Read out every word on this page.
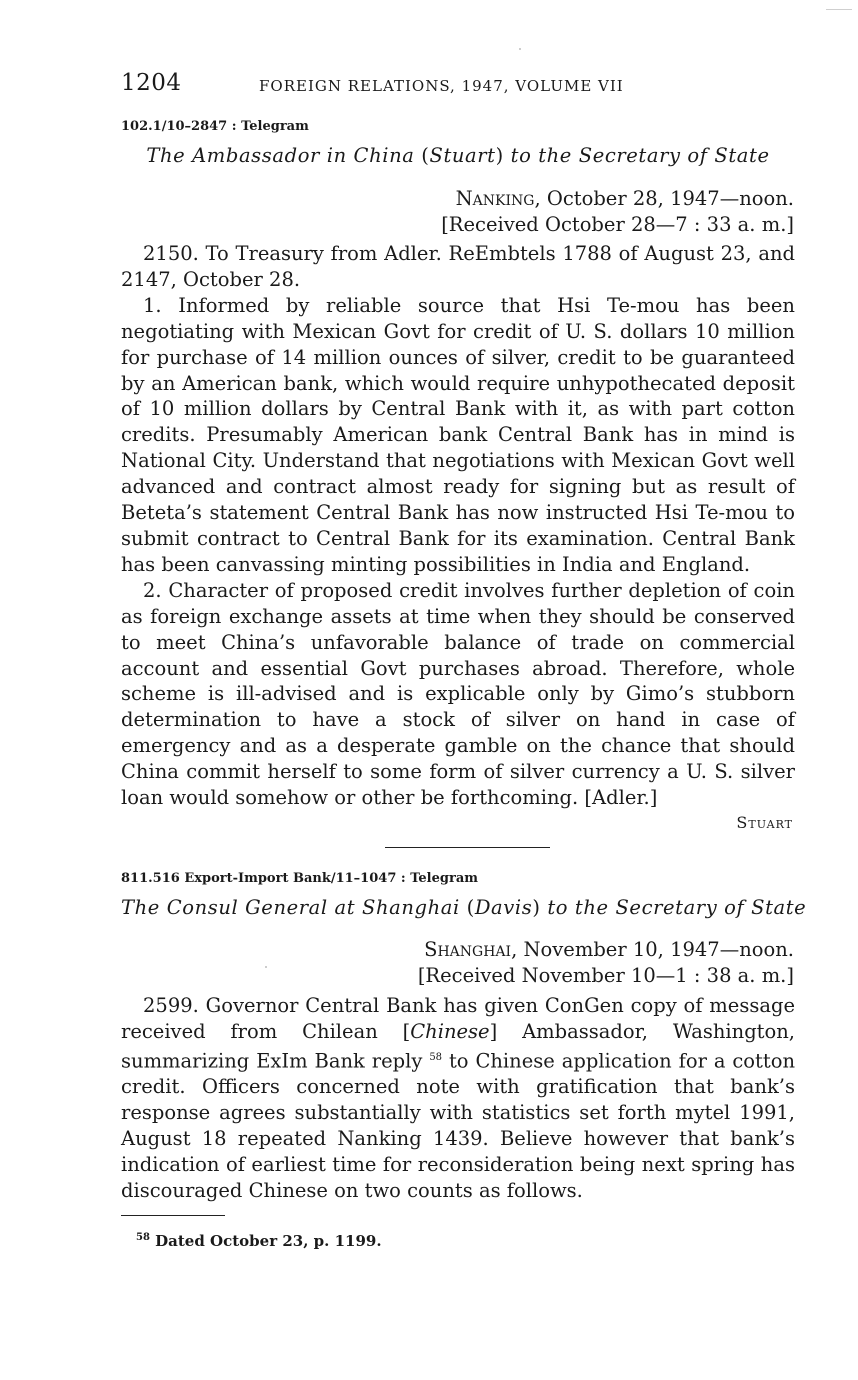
1204	FOREIGN RELATIONS, 1947, VOLUME VII
102.1/10–2847 : Telegram
The Ambassador in China (Stuart) to the Secretary of State
Nanking, October 28, 1947—noon.
[Received October 28—7 : 33 a. m.]

2150. To Treasury from Adler. ReEmbtels 1788 of August 23, and 2147, October 28.

1. Informed by reliable source that Hsi Te-mou has been negotiating with Mexican Govt for credit of U. S. dollars 10 million for purchase of 14 million ounces of silver, credit to be guaranteed by an American bank, which would require unhypothecated deposit of 10 million dollars by Central Bank with it, as with part cotton credits. Presumably American bank Central Bank has in mind is National City. Understand that negotiations with Mexican Govt well advanced and contract almost ready for signing but as result of Beteta’s statement Central Bank has now instructed Hsi Te-mou to submit contract to Central Bank for its examination. Central Bank has been canvassing minting possibilities in India and England.

2. Character of proposed credit involves further depletion of coin as foreign exchange assets at time when they should be conserved to meet China’s unfavorable balance of trade on commercial account and essential Govt purchases abroad. Therefore, whole scheme is ill-advised and is explicable only by Gimo’s stubborn determination to have a stock of silver on hand in case of emergency and as a desperate gamble on the chance that should China commit herself to some form of silver currency a U. S. silver loan would somehow or other be forthcoming. [Adler.]

Stuart
811.516 Export-Import Bank/11–1047 : Telegram
The Consul General at Shanghai (Davis) to the Secretary of State
Shanghai, November 10, 1947—noon.
[Received November 10—1 : 38 a. m.]

2599. Governor Central Bank has given ConGen copy of message received from Chilean [Chinese] Ambassador, Washington, summarizing ExIm Bank reply $^{58}$ to Chinese application for a cotton credit. Officers concerned note with gratification that bank’s response agrees substantially with statistics set forth mytel 1991, August 18 repeated Nanking 1439. Believe however that bank’s indication of earliest time for reconsideration being next spring has discouraged Chinese on two counts as follows.

$^{58}$ Dated October 23, p. 1199.
